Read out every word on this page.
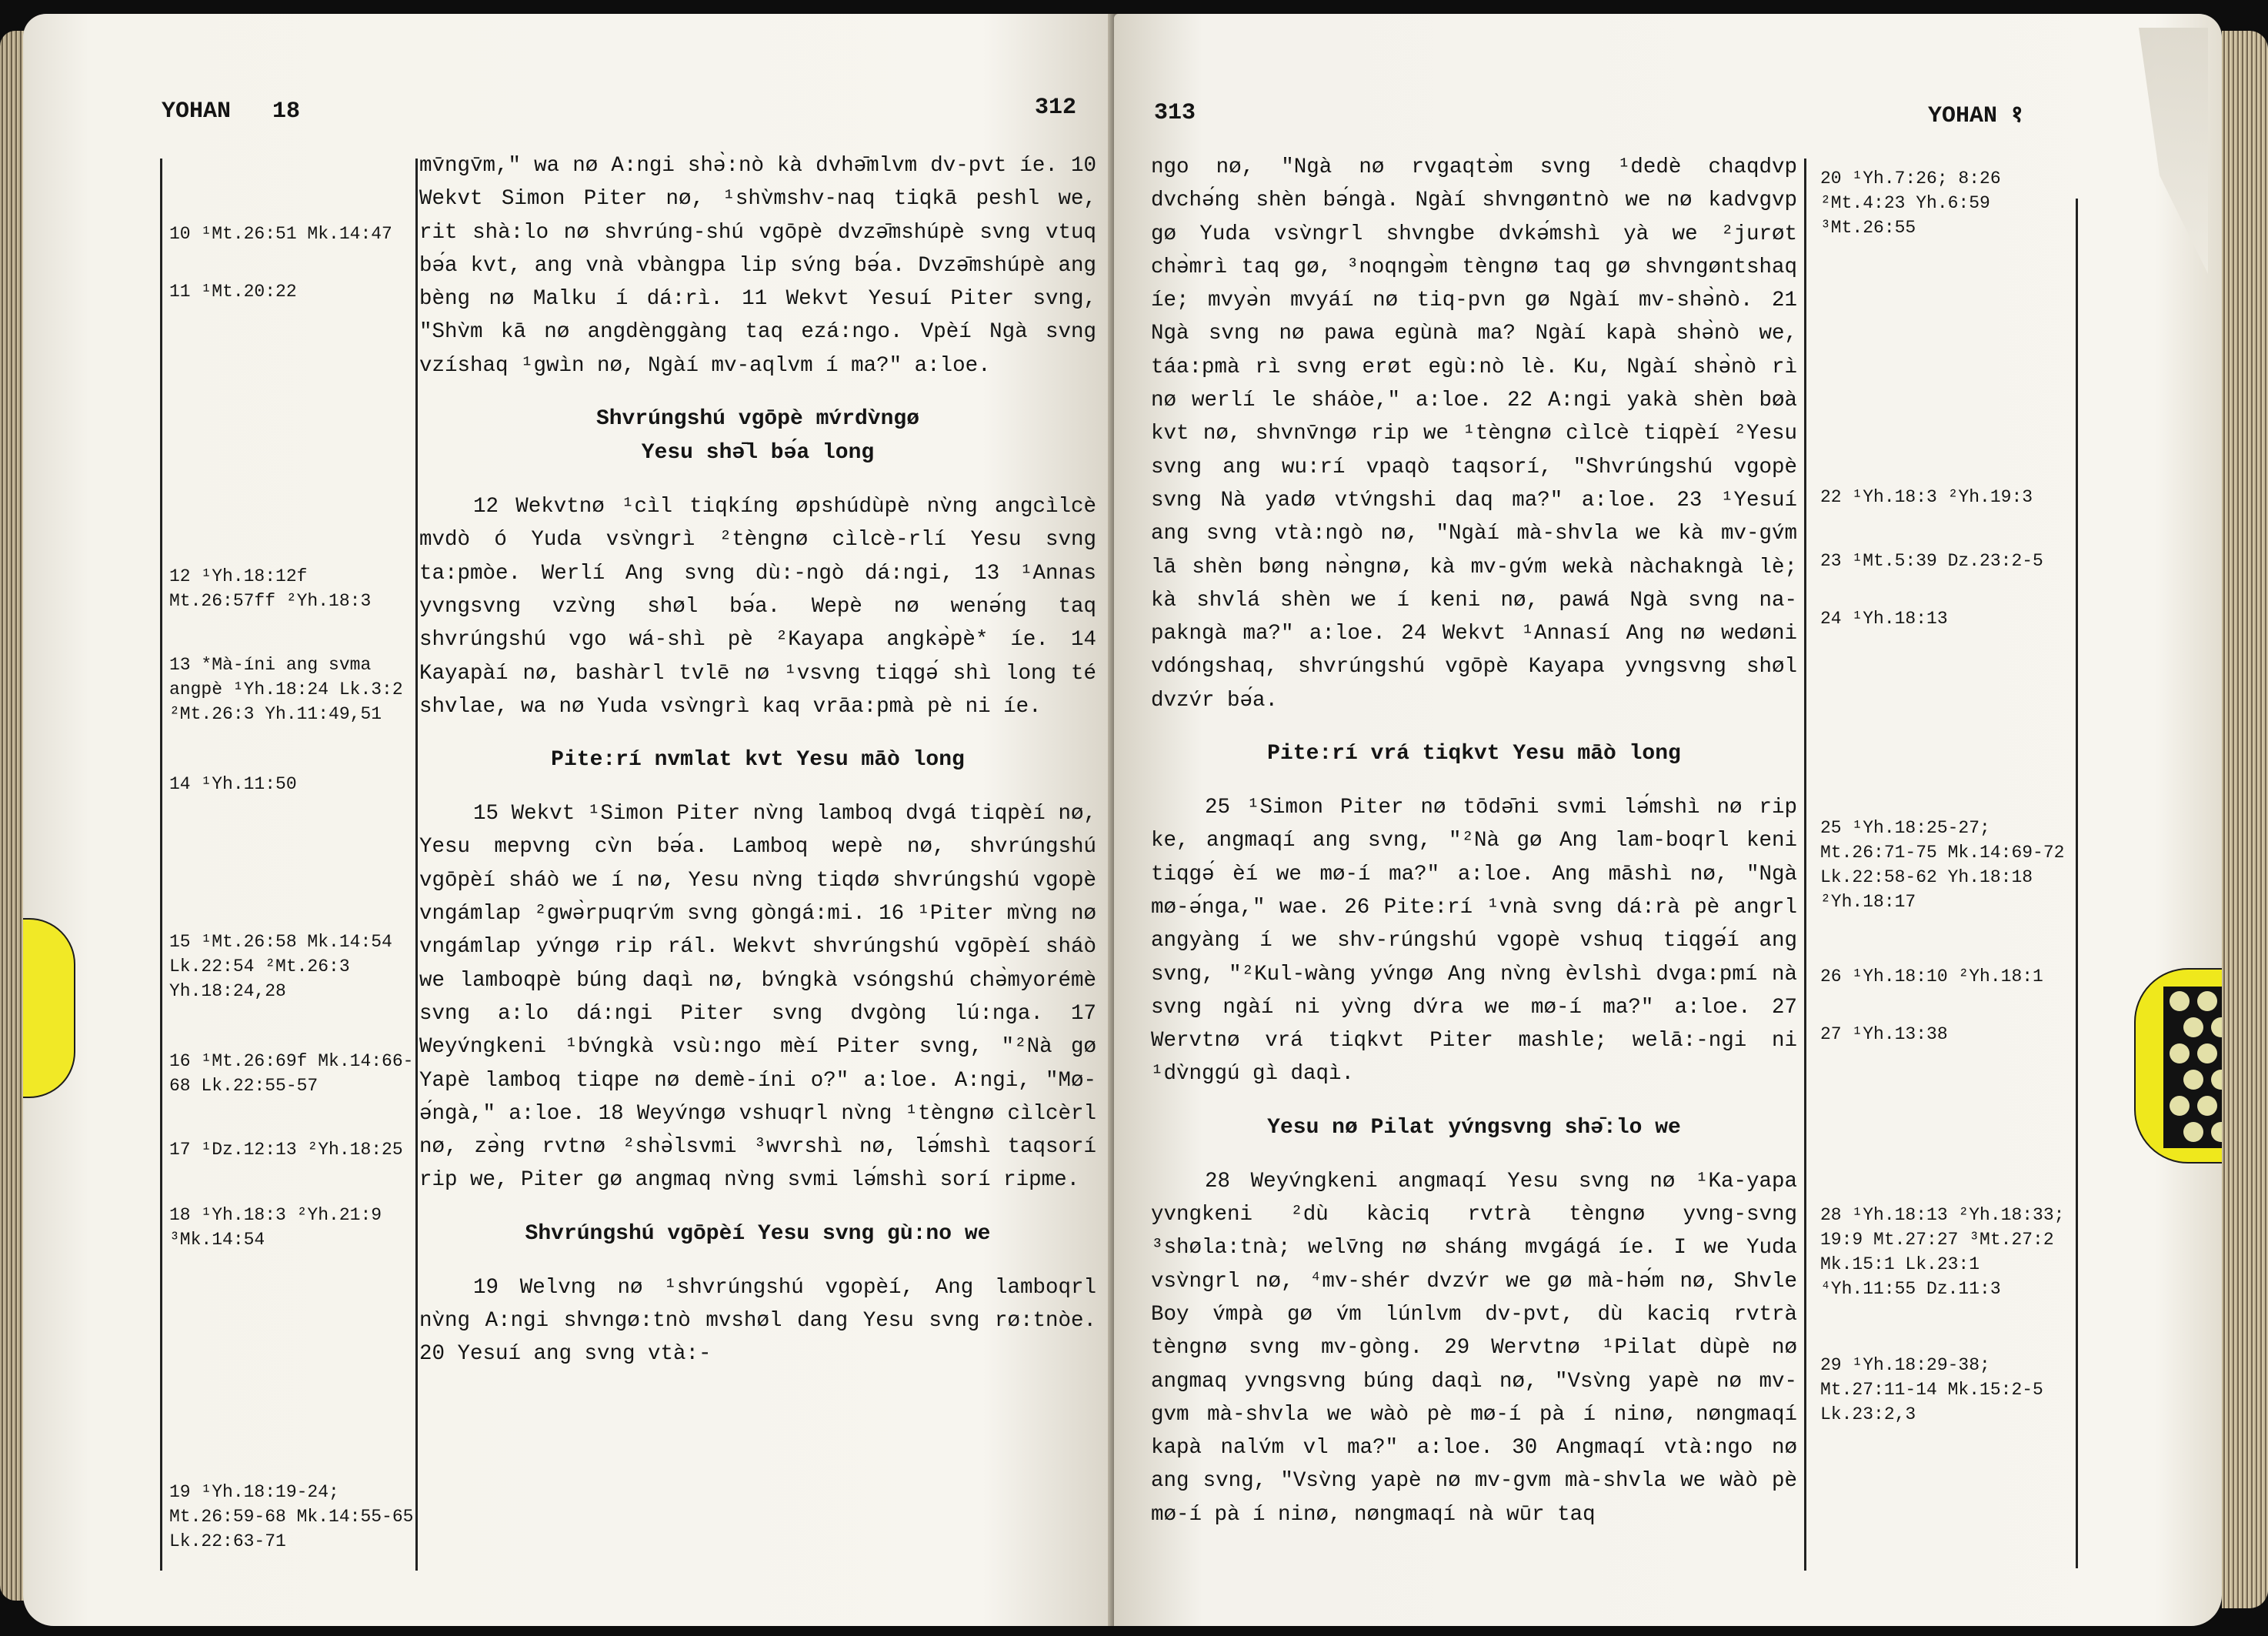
YOHAN 18	312
10 ¹Mt.26:51 Mk.14:47
11 ¹Mt.20:22
12 ¹Yh.18:12f
Mt.26:57ff ²Yh.18:3
13 *Mà-íni ang svma
angpè ¹Yh.18:24 Lk.3:2
²Mt.26:3 Yh.11:49,51
14 ¹Yh.11:50
15 ¹Mt.26:58 Mk.14:54
Lk.22:54 ²Mt.26:3
Yh.18:24,28
16 ¹Mt.26:69f Mk.14:66-
68 Lk.22:55-57
17 ¹Dz.12:13 ²Yh.18:25
18 ¹Yh.18:3 ²Yh.21:9
³Mk.14:54
19 ¹Yh.18:19-24;
Mt.26:59-68 Mk.14:55-65
Lk.22:63-71

mv̄ngv̄m," wa nø A:ngi shə̀:nò kà dvhə̄mlvm dv-pvt íe. 10 Wekvt Simon Piter nø, ¹shv̀mshv-naq tiqkā peshl we, rit shà:lo nø shvrúng-shú vgōpè dvzə̄mshúpè svng vtuq bə́a kvt, ang vnà vbàngpa lip sv́ng bə́a. Dvzə̄mshúpè ang bèng nø Malku í dá:rì. 11 Wekvt Yesuí Piter svng, "Shv̀m kā nø angdènggàng taq ezá:ngo. Vpèí Ngà svng vzíshaq ¹gwìn nø, Ngàí mv-aqlvm í ma?" a:loe.

Shvrúngshú vgōpè mv́rdv̀ngø
Yesu shə̄l bə́a long

12 Wekvtnø ¹cìl tiqkíng øpshúdùpè nv̀ng angcìlcè mvdò ó Yuda vsv̀ngrì ²tèngnø cìlcè-rlí Yesu svng ta:pmòe. Werlí Ang svng dù:-ngò dá:ngi, 13 ¹Annas yvngsvng vzv̀ng shøl bə́a. Wepè nø wenə́ng taq shvrúngshú vgo wá-shì pè ²Kayapa angkə̀pè* íe. 14 Kayapàí nø, bashàrl tvlē nø ¹vsvng tiqgə́ shì long té shvlae, wa nø Yuda vsv̀ngrì kaq vrāa:pmà pè ni íe.

Pite:rí nvmlat kvt Yesu māò long

15 Wekvt ¹Simon Piter nv̀ng lamboq dvgá tiqpèí nø, Yesu mepvng cv̀n bə́a. Lamboq wepè nø, shvrúngshú vgōpèí sháò we í nø, Yesu nv̀ng tiqdø shvrúngshú vgopè vngámlap ²gwə̀rpuqrv́m svng gòngá:mi. 16 ¹Piter mv̀ng nø vngámlap yv́ngø rip rál. Wekvt shvrúngshú vgōpèí sháò we lamboqpè búng daqì nø, bv́ngkà vsóngshú chə̀myorémè svng a:lo dá:ngi Piter svng dvgòng lú:nga. 17 Weyv́ngkeni ¹bv́ngkà vsù:ngo mèí Piter svng, "²Nà gø Yapè lamboq tiqpe nø demè-íni o?" a:loe. A:ngi, "Mø-ə́ngà," a:loe. 18 Weyv́ngø vshuqrl nv̀ng ¹tèngnø cìlcèrl nø, zə̀ng rvtnø ²shə̀lsvmi ³wvrshì nø, lə́mshì taqsorí rip we, Piter gø angmaq nv̀ng svmi lə́mshì sorí ripme.

Shvrúngshú vgōpèí Yesu svng gù:no we

19 Welvng nø ¹shvrúngshú vgopèí, Ang lamboqrl nv̀ng A:ngi shvngø:tnò mvshøl dang Yesu svng rø:tnòe. 20 Yesuí ang svng vtà:-

313	YOHAN १

ngo nø, "Ngà nø rvgaqtə̀m svng ¹dedè chaqdvp dvchə́ng shèn bə́ngà. Ngàí shvngøntnò we nø kadvgvp gø Yuda vsv̀ngrl shvngbe dvkə́mshì yà we ²jurøt chə̀mrì taq gø, ³noqngə̀m tèngnø taq gø shvngøntshaq íe; mvyə̀n mvyáí nø tiq-pvn gø Ngàí mv-shə̀nò. 21 Ngà svng nø pawa egùnà ma? Ngàí kapà shə̀nò we, táa:pmà rì svng erøt egù:nò lè. Ku, Ngàí shə̀nò rì nø werlí le sháòe," a:loe. 22 A:ngi yakà shèn bøà kvt nø, shvnv̄ngø rip we ¹tèngnø cìlcè tiqpèí ²Yesu svng ang wu:rí vpaqò taqsorí, "Shvrúngshú vgopè svng Nà yadø vtv́ngshi daq ma?" a:loe. 23 ¹Yesuí ang svng vtà:ngò nø, "Ngàí mà-shvla we kà mv-gv́m lā shèn bøng nə̀ngnø, kà mv-gv́m wekà nàchakngà lè; kà shvlá shèn we í keni nø, pawá Ngà svng na-pakngà ma?" a:loe. 24 Wekvt ¹Annasí Ang nø wedøni vdóngshaq, shvrúngshú vgōpè Kayapa yvngsvng shøl dvzv́r bə́a.

Pite:rí vrá tiqkvt Yesu māò long

25 ¹Simon Piter nø tōdə̄ni svmi lə́mshì nø rip ke, angmaqí ang svng, "²Nà gø Ang lam-boqrl keni tiqgə́ èí we mø-í ma?" a:loe. Ang māshì nø, "Ngà mø-ə́nga," wae. 26 Pite:rí ¹vnà svng dá:rà pè angrl angyàng í we shv-rúngshú vgopè vshuq tiqgə́í ang svng, "²Kul-wàng yv́ngø Ang nv̀ng èvlshì dvga:pmí nà svng ngàí ni yv̀ng dv́ra we mø-í ma?" a:loe. 27 Wervtnø vrá tiqkvt Piter mashle; welā:-ngi ni ¹dv̀nggú gì daqì.

Yesu nø Pilat yv́ngsvng shə̄:lo we

28 Weyv́ngkeni angmaqí Yesu svng nø ¹Ka-yapa yvngkeni ²dù kàciq rvtrà tèngnø yvng-svng ³shøla:tnà; welv̄ng nø sháng mvgágá íe. I we Yuda vsv̀ngrl nø, ⁴mv-shér dvzv́r we gø mà-hə́m nø, Shvle Boy v́mpà gø v́m lúnlvm dv-pvt, dù kaciq rvtrà tèngnø svng mv-gòng. 29 Wervtnø ¹Pilat dùpè nø angmaq yvngsvng búng daqì nø, "Vsv̀ng yapè nø mv-gvm mà-shvla we wàò pè mø-í pà í ninø, nøngmaqí kapà nalv́m vl ma?" a:loe. 30 Angmaqí vtà:ngo nø ang svng, "Vsv̀ng yapè nø mv-gvm mà-shvla we wàò pè mø-í pà í ninø, nøngmaqí nà wūr taq

20 ¹Yh.7:26; 8:26
²Mt.4:23 Yh.6:59
³Mt.26:55
22 ¹Yh.18:3 ²Yh.19:3
23 ¹Mt.5:39 Dz.23:2-5
24 ¹Yh.18:13
25 ¹Yh.18:25-27;
Mt.26:71-75 Mk.14:69-72
Lk.22:58-62 Yh.18:18
²Yh.18:17
26 ¹Yh.18:10 ²Yh.18:1
27 ¹Yh.13:38
28 ¹Yh.18:13 ²Yh.18:33;
19:9 Mt.27:27 ³Mt.27:2
Mk.15:1 Lk.23:1
⁴Yh.11:55 Dz.11:3
29 ¹Yh.18:29-38;
Mt.27:11-14 Mk.15:2-5
Lk.23:2,3
